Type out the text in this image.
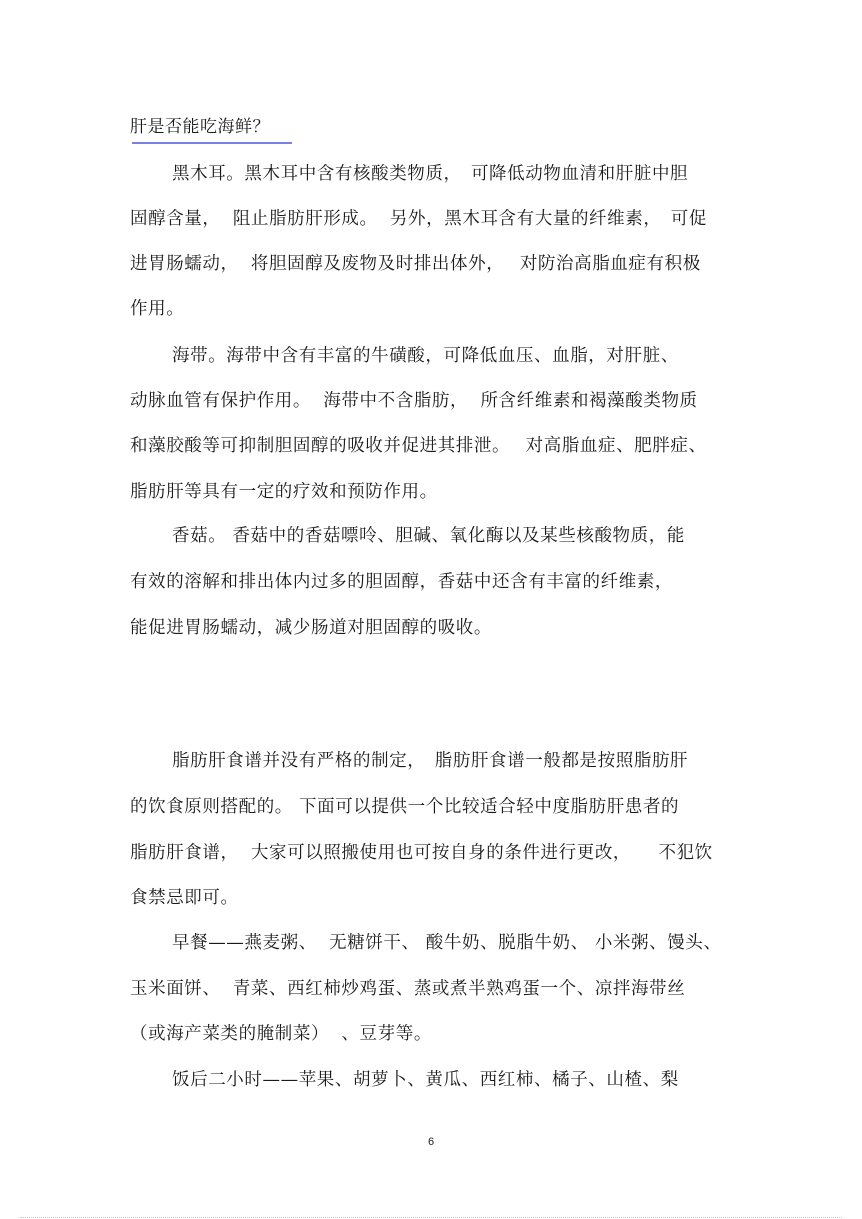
肝是否能吃海鲜？
黑木耳。黑木耳中含有核酸类物质，　可降低动物血清和肝脏中胆
固醇含量，  阻止脂肪肝形成。  另外，黑木耳含有大量的纤维素，　可促
进胃肠蠕动，  将胆固醇及废物及时排出体外，　 对防治高脂血症有积极
作用。
海带。海带中含有丰富的牛磺酸，可降低血压、血脂，对肝脏、
动脉血管有保护作用。  海带中不含脂肪，  所含纤维素和褐藻酸类物质
和藻胶酸等可抑制胆固醇的吸收并促进其排泄。　 对高脂血症、肥胖症、
脂肪肝等具有一定的疗效和预防作用。
香菇。 香菇中的香菇嘌呤、胆碱、氧化酶以及某些核酸物质，能
有效的溶解和排出体内过多的胆固醇，香菇中还含有丰富的纤维素，
能促进胃肠蠕动，减少肠道对胆固醇的吸收。
脂肪肝食谱并没有严格的制定，　脂肪肝食谱一般都是按照脂肪肝
的饮食原则搭配的。 下面可以提供一个比较适合轻中度脂肪肝患者的
脂肪肝食谱，  大家可以照搬使用也可按自身的条件进行更改，　　不犯饮
食禁忌即可。
早餐——燕麦粥、  无糖饼干、 酸牛奶、脱脂牛奶、 小米粥、馒头、
玉米面饼、  青菜、西红柿炒鸡蛋、蒸或煮半熟鸡蛋一个、凉拌海带丝
（或海产菜类的腌制菜）  、豆芽等。
饭后二小时——苹果、胡萝卜、黄瓜、西红柿、橘子、山楂、梨
6
